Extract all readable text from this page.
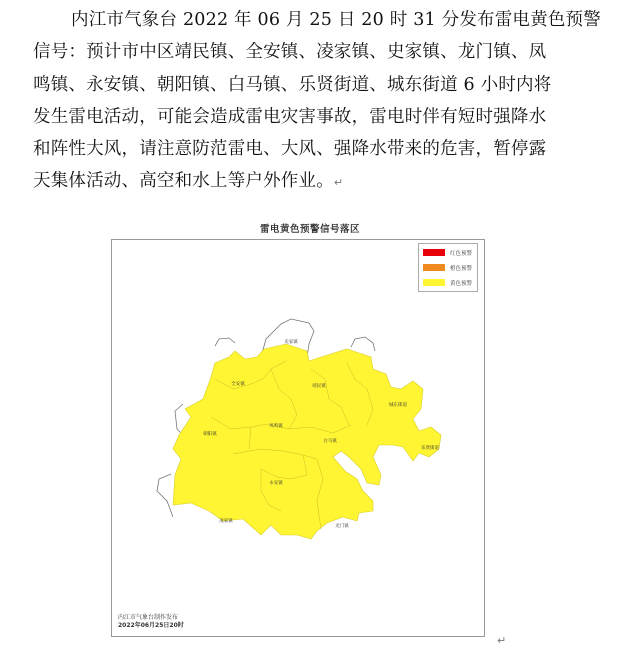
内江市气象台 2022 年 06 月 25 日 20 时 31 分发布雷电黄色预警
信号：预计市中区靖民镇、全安镇、凌家镇、史家镇、龙门镇、凤
鸣镇、永安镇、朝阳镇、白马镇、乐贤街道、城东街道 6 小时内将
发生雷电活动，可能会造成雷电灾害事故，雷电时伴有短时强降水
和阵性大风，请注意防范雷电、大风、强降水带来的危害，暂停露
天集体活动、高空和水上等户外作业。↵
雷电黄色预警信号落区
史家镇
全安镇	靖民镇
凤鸣镇
朝阳镇
白马镇
城东街道
乐贤街道
永安镇
凌家镇
龙门镇
红色预警
橙色预警
黄色预警
内江市气象台制作发布
2022年06月25日20时
↵
